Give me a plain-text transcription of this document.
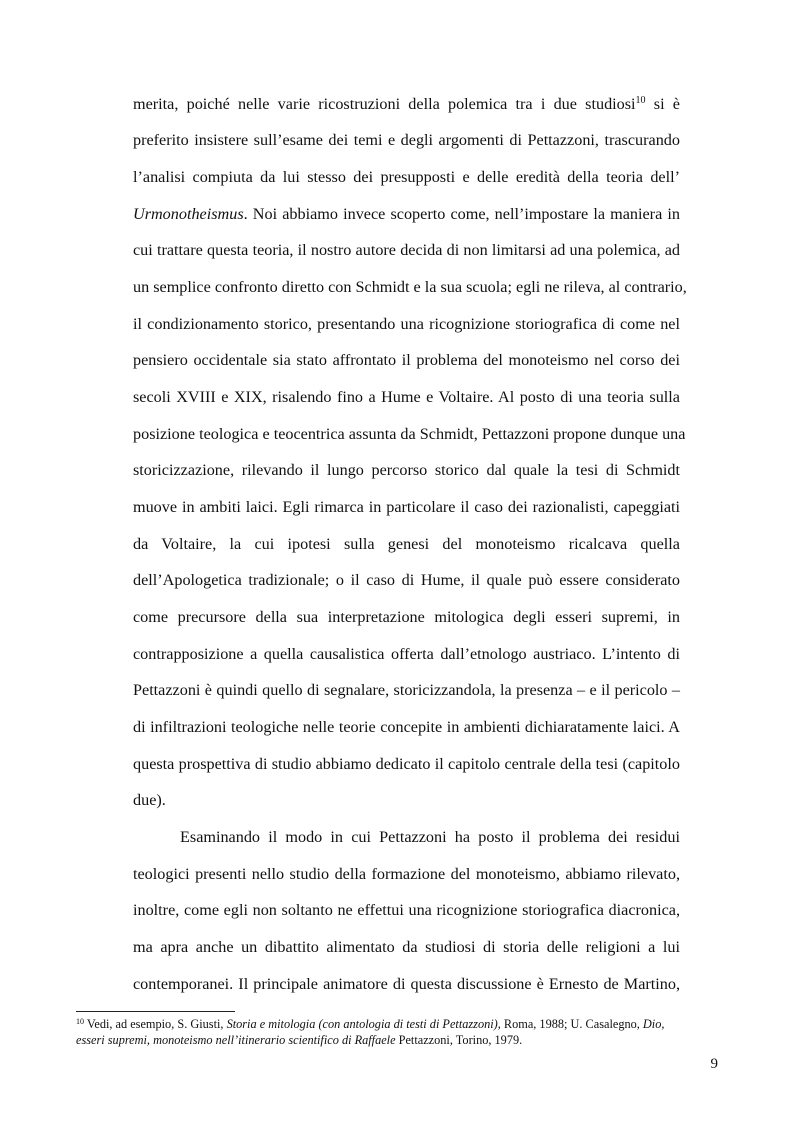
merita, poiché nelle varie ricostruzioni della polemica tra i due studiosi$^{10}$ si è
preferito insistere sull’esame dei temi e degli argomenti di Pettazzoni, trascurando
l’analisi compiuta da lui stesso dei presupposti e delle eredità della teoria dell’
Urmonotheismus. Noi abbiamo invece scoperto come, nell’impostare la maniera in
cui trattare questa teoria, il nostro autore decida di non limitarsi ad una polemica, ad
un semplice confronto diretto con Schmidt e la sua scuola; egli ne rileva, al contrario,
il condizionamento storico, presentando una ricognizione storiografica di come nel
pensiero occidentale sia stato affrontato il problema del monoteismo nel corso dei
secoli XVIII e XIX, risalendo fino a Hume e Voltaire. Al posto di una teoria sulla
posizione teologica e teocentrica assunta da Schmidt, Pettazzoni propone dunque una
storicizzazione, rilevando il lungo percorso storico dal quale la tesi di Schmidt
muove in ambiti laici. Egli rimarca in particolare il caso dei razionalisti, capeggiati
da Voltaire, la cui ipotesi sulla genesi del monoteismo ricalcava quella
dell’Apologetica tradizionale; o il caso di Hume, il quale può essere considerato
come precursore della sua interpretazione mitologica degli esseri supremi, in
contrapposizione a quella causalistica offerta dall’etnologo austriaco. L’intento di
Pettazzoni è quindi quello di segnalare, storicizzandola, la presenza – e il pericolo –
di infiltrazioni teologiche nelle teorie concepite in ambienti dichiaratamente laici. A
questa prospettiva di studio abbiamo dedicato il capitolo centrale della tesi (capitolo
due).
Esaminando il modo in cui Pettazzoni ha posto il problema dei residui
teologici presenti nello studio della formazione del monoteismo, abbiamo rilevato,
inoltre, come egli non soltanto ne effettui una ricognizione storiografica diacronica,
ma apra anche un dibattito alimentato da studiosi di storia delle religioni a lui
contemporanei. Il principale animatore di questa discussione è Ernesto de Martino,
$^{10}$ Vedi, ad esempio, S. Giusti, Storia e mitologia (con antologia di testi di Pettazzoni), Roma, 1988; U. Casalegno, Dio,
esseri supremi, monoteismo nell’itinerario scientifico di Raffaele Pettazzoni, Torino, 1979.
9
